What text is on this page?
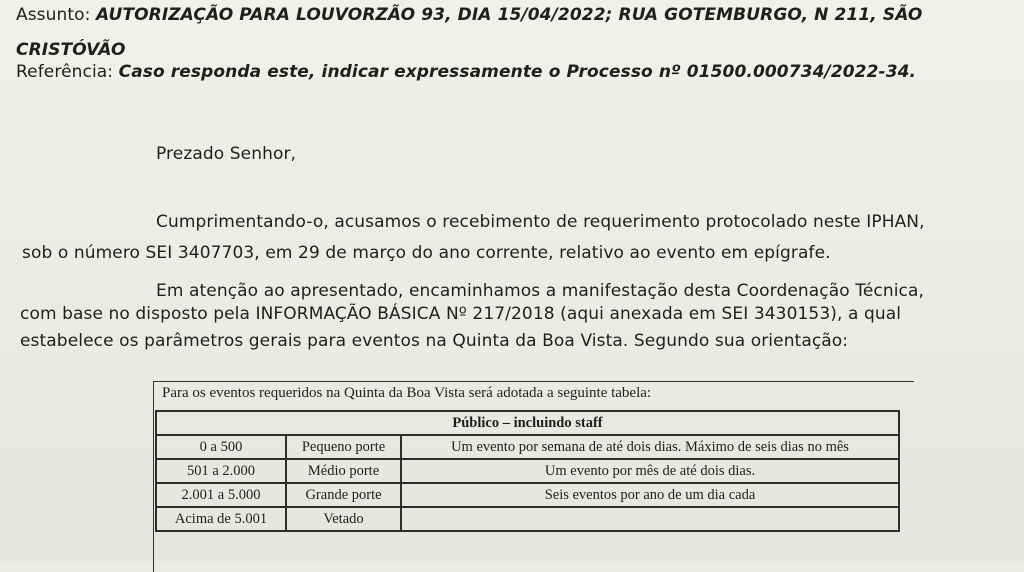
Assunto: AUTORIZAÇÃO PARA LOUVORZÃO 93, DIA 15/04/2022; RUA GOTEMBURGO, N 211, SÃO
CRISTÓVÃO
Referência: Caso responda este, indicar expressamente o Processo nº 01500.000734/2022-34.
Prezado Senhor,
Cumprimentando-o, acusamos o recebimento de requerimento protocolado neste IPHAN,
sob o número SEI 3407703, em 29 de março do ano corrente, relativo ao evento em epígrafe.
Em atenção ao apresentado, encaminhamos a manifestação desta Coordenação Técnica,
com base no disposto pela INFORMAÇÃO BÁSICA Nº 217/2018 (aqui anexada em SEI 3430153), a qual
estabelece os parâmetros gerais para eventos na Quinta da Boa Vista. Segundo sua orientação:
Para os eventos requeridos na Quinta da Boa Vista será adotada a seguinte tabela:
Público – incluindo staff		
0 a 500	Pequeno porte	Um evento por semana de até dois dias. Máximo de seis dias no mês
501 a 2.000	Médio porte	Um evento por mês de até dois dias.
2.001 a 5.000	Grande porte	Seis eventos por ano de um dia cada
Acima de 5.001	Vetado	
